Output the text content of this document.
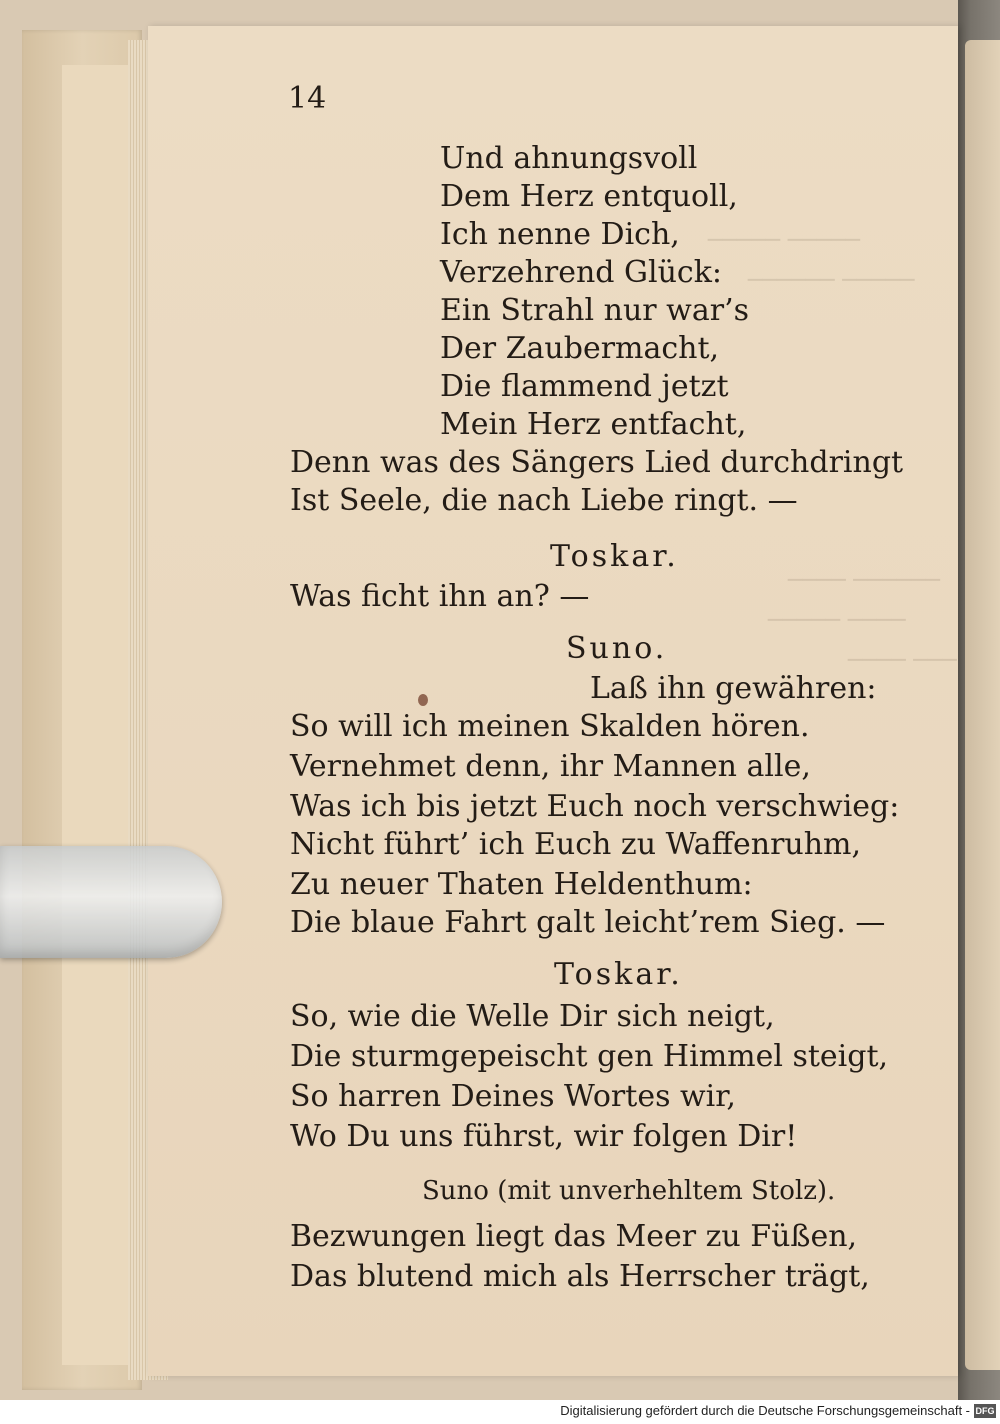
───── ─────
────── ─────
──── ──────
───── ────
──── ───
14
Und ahnungsvoll
Dem Herz entquoll,
Ich nenne Dich,
Verzehrend Glück:
Ein Strahl nur war’s
Der Zaubermacht,
Die flammend jetzt
Mein Herz entfacht,
Denn was des Sängers Lied durchdringt
Ist Seele, die nach Liebe ringt. —
Toskar.
Was ficht ihn an? —
Suno.
Laß ihn gewähren:
So will ich meinen Skalden hören.
Vernehmet denn, ihr Mannen alle,
Was ich bis jetzt Euch noch verschwieg:
Nicht führt’ ich Euch zu Waffenruhm,
Zu neuer Thaten Heldenthum:
Die blaue Fahrt galt leicht’rem Sieg. —
Toskar.
So, wie die Welle Dir sich neigt,
Die sturmgepeischt gen Himmel steigt,
So harren Deines Wortes wir,
Wo Du uns führst, wir folgen Dir!
Suno (mit unverhehltem Stolz).
Bezwungen liegt das Meer zu Füßen,
Das blutend mich als Herrscher trägt,
Digitalisierung gefördert durch die Deutsche Forschungsgemeinschaft - DFG
